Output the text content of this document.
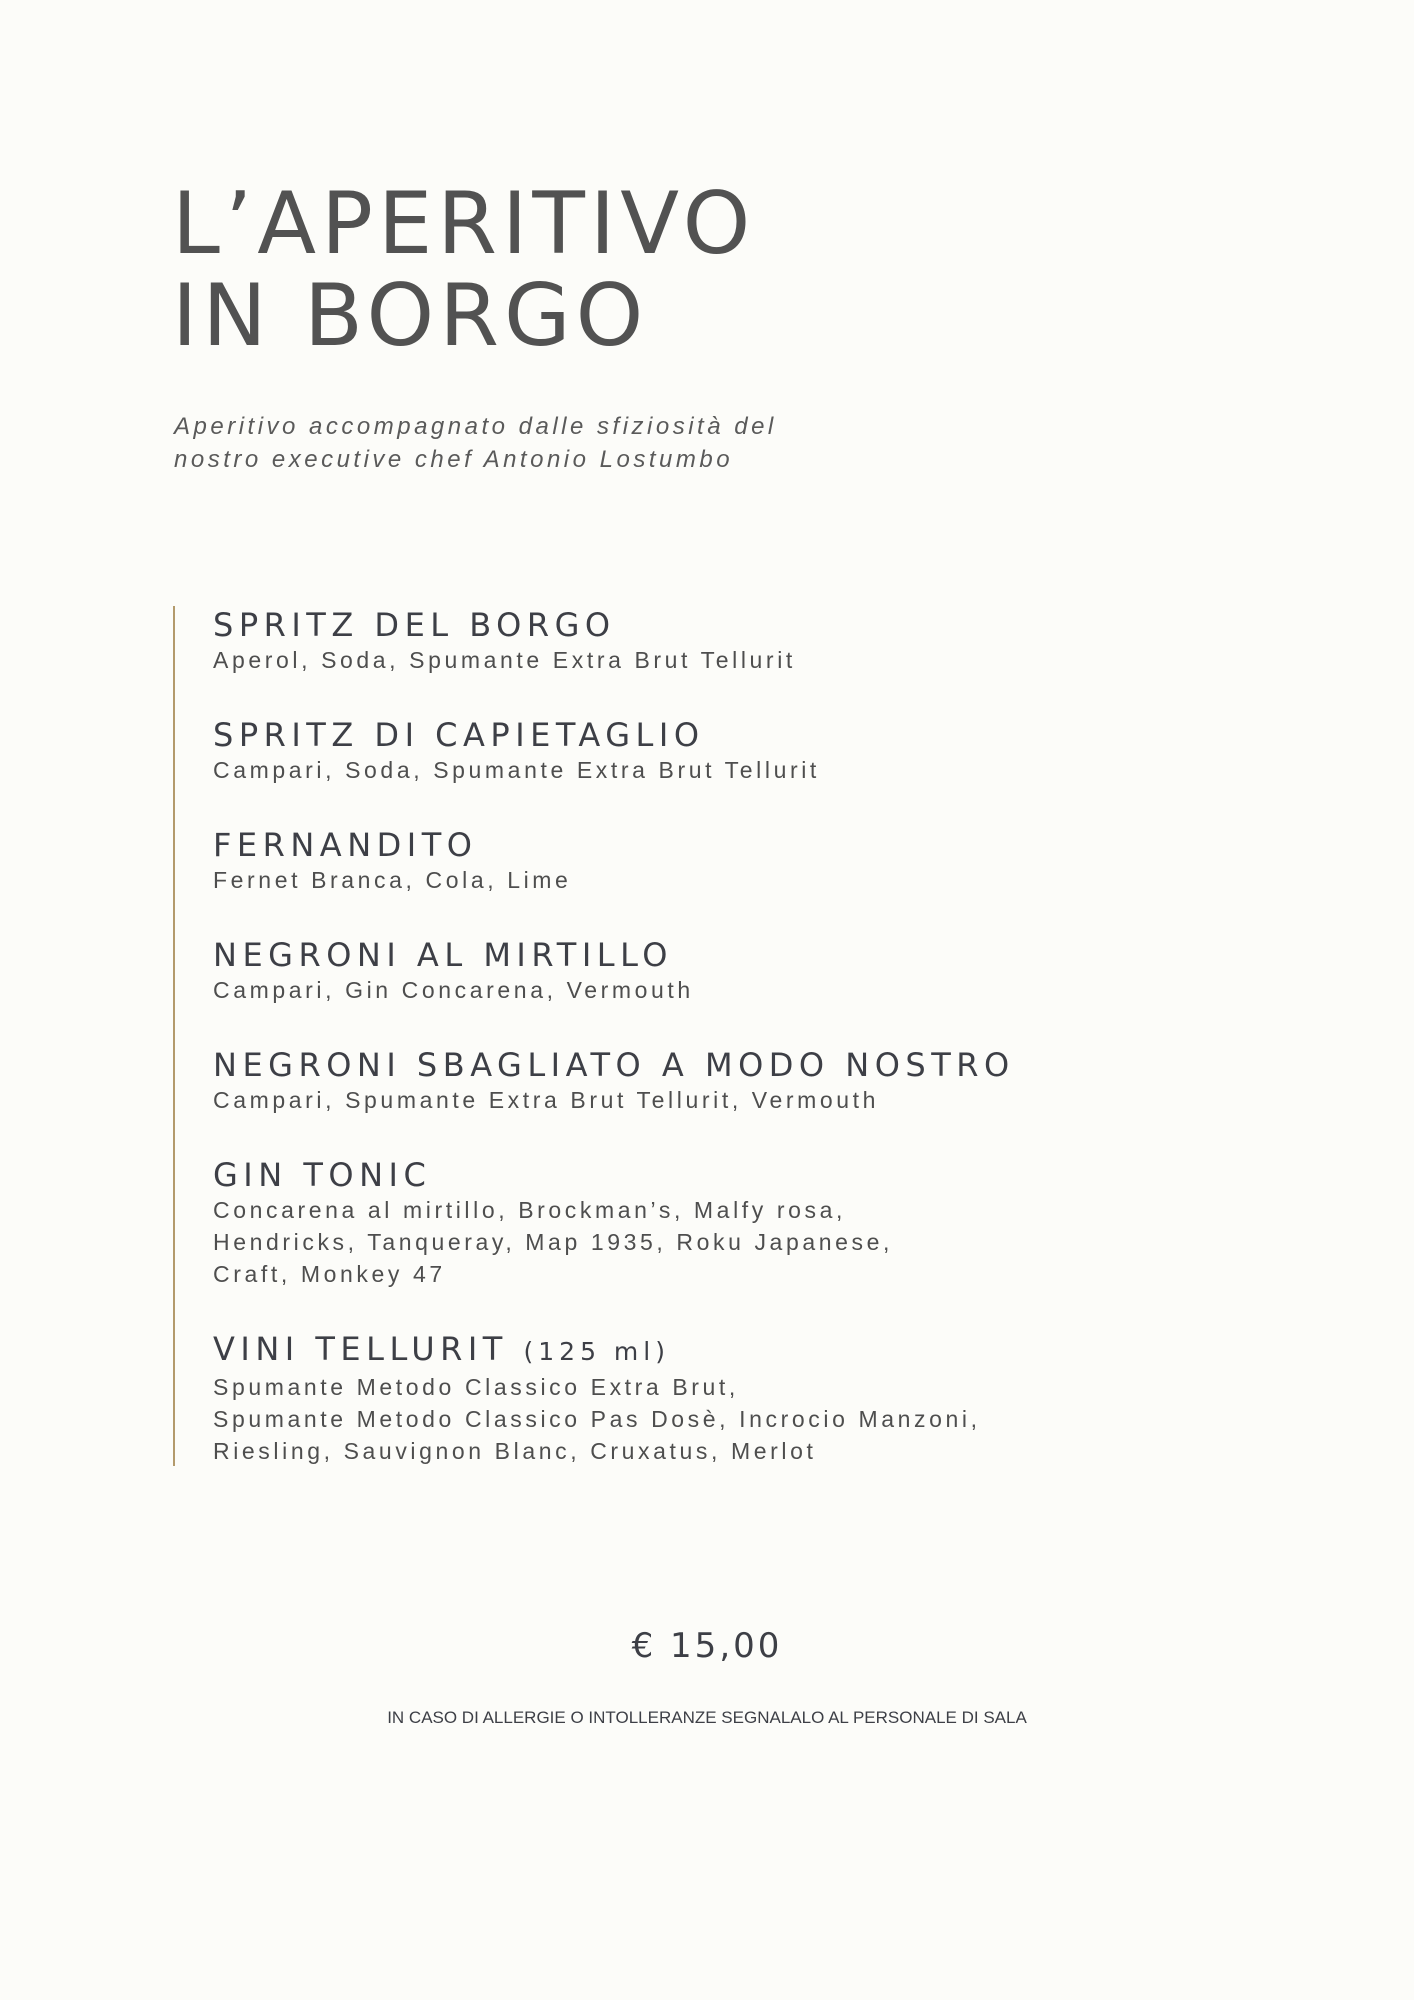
L’APERITIVO
IN BORGO

Aperitivo accompagnato dalle sfiziosità del
nostro executive chef Antonio Lostumbo

SPRITZ DEL BORGO

Aperol, Soda, Spumante Extra Brut Tellurit

SPRITZ DI CAPIETAGLIO

Campari, Soda, Spumante Extra Brut Tellurit

FERNANDITO

Fernet Branca, Cola, Lime

NEGRONI AL MIRTILLO

Campari, Gin Concarena, Vermouth

NEGRONI SBAGLIATO A MODO NOSTRO

Campari, Spumante Extra Brut Tellurit, Vermouth

GIN TONIC

Concarena al mirtillo, Brockman’s, Malfy rosa,
Hendricks, Tanqueray, Map 1935, Roku Japanese,
Craft, Monkey 47

VINI TELLURIT (125 ml)

Spumante Metodo Classico Extra Brut,
Spumante Metodo Classico Pas Dosè, Incrocio Manzoni,
Riesling, Sauvignon Blanc, Cruxatus, Merlot

€ 15,00

IN CASO DI ALLERGIE O INTOLLERANZE SEGNALALO AL PERSONALE DI SALA
